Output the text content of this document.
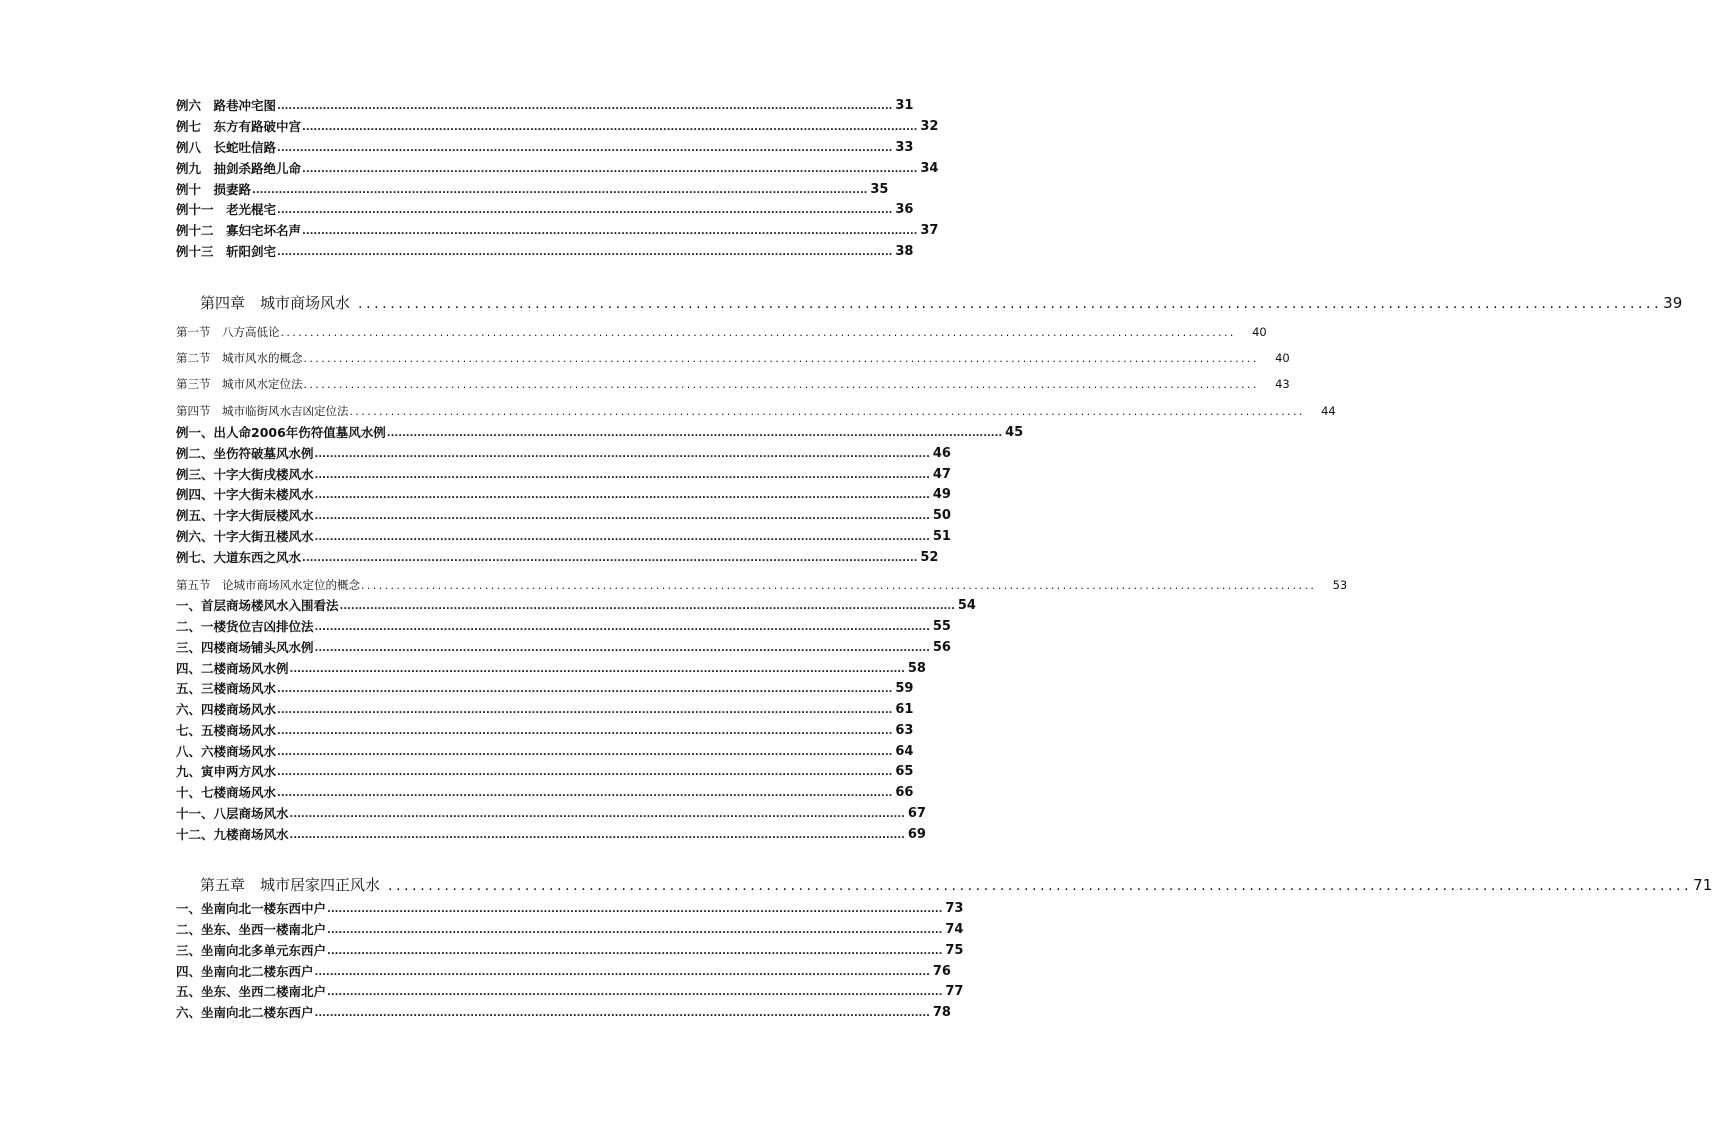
例六　路巷冲宅图 .................................................................................................................................................................. 31
例七　东方有路破中宫 .................................................................................................................................................................. 32
例八　长蛇吐信路 .................................................................................................................................................................. 33
例九　抽剑杀路绝儿命 .................................................................................................................................................................. 34
例十　损妻路 .................................................................................................................................................................. 35
例十一　老光棍宅 .................................................................................................................................................................. 36
例十二　寡妇宅坏名声 .................................................................................................................................................................. 37
例十三　斩阳剑宅 .................................................................................................................................................................. 38
第四章　城市商场风水 .................................................................................................................................................................. 39
第一节　八方高低论 ..................................................................................................................................................................	40
第二节　城市风水的概念 ..................................................................................................................................................................	40
第三节　城市风水定位法 ..................................................................................................................................................................	43
第四节　城市临街风水吉凶定位法 ..................................................................................................................................................................	44
例一、出人命2006年伤符值墓风水例 .................................................................................................................................................................. 45
例二、坐伤符破墓风水例 .................................................................................................................................................................. 46
例三、十字大街戌楼风水 .................................................................................................................................................................. 47
例四、十字大街未楼风水 .................................................................................................................................................................. 49
例五、十字大街辰楼风水 .................................................................................................................................................................. 50
例六、十字大街丑楼风水 .................................................................................................................................................................. 51
例七、大道东西之风水 .................................................................................................................................................................. 52
第五节　论城市商场风水定位的概念 ..................................................................................................................................................................	53
一、首层商场楼风水入围看法 .................................................................................................................................................................. 54
二、一楼货位吉凶排位法 .................................................................................................................................................................. 55
三、四楼商场铺头风水例 .................................................................................................................................................................. 56
四、二楼商场风水例 .................................................................................................................................................................. 58
五、三楼商场风水 .................................................................................................................................................................. 59
六、四楼商场风水 .................................................................................................................................................................. 61
七、五楼商场风水 .................................................................................................................................................................. 63
八、六楼商场风水 .................................................................................................................................................................. 64
九、寅申两方风水 .................................................................................................................................................................. 65
十、七楼商场风水 .................................................................................................................................................................. 66
十一、八层商场风水 .................................................................................................................................................................. 67
十二、九楼商场风水 .................................................................................................................................................................. 69
第五章　城市居家四正风水 .................................................................................................................................................................. 71
一、坐南向北一楼东西中户 .................................................................................................................................................................. 73
二、坐东、坐西一楼南北户 .................................................................................................................................................................. 74
三、坐南向北多单元东西户 .................................................................................................................................................................. 75
四、坐南向北二楼东西户 .................................................................................................................................................................. 76
五、坐东、坐西二楼南北户 .................................................................................................................................................................. 77
六、坐南向北二楼东西户 .................................................................................................................................................................. 78
